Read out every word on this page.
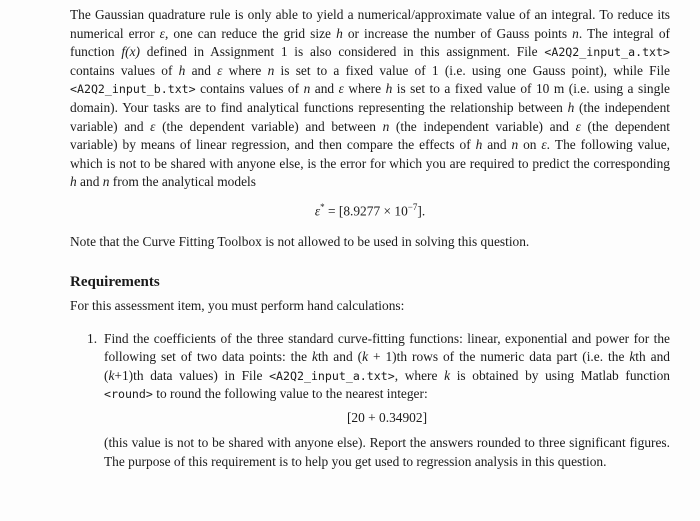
The Gaussian quadrature rule is only able to yield a numerical/approximate value of an integral. To reduce its numerical error ε, one can reduce the grid size h or increase the number of Gauss points n. The integral of function f(x) defined in Assignment 1 is also considered in this assignment. File <A2Q2_input_a.txt> contains values of h and ε where n is set to a fixed value of 1 (i.e. using one Gauss point), while File <A2Q2_input_b.txt> contains values of n and ε where h is set to a fixed value of 10 m (i.e. using a single domain). Your tasks are to find analytical functions representing the relationship between h (the independent variable) and ε (the dependent variable) and between n (the independent variable) and ε (the dependent variable) by means of linear regression, and then compare the effects of h and n on ε. The following value, which is not to be shared with anyone else, is the error for which you are required to predict the corresponding h and n from the analytical models

$\varepsilon^* = [8.9277 \times 10^{-7}]$.

Note that the Curve Fitting Toolbox is not allowed to be used in solving this question.

Requirements

For this assessment item, you must perform hand calculations:

1. Find the coefficients of the three standard curve-fitting functions: linear, exponential and power for the following set of two data points: the kth and (k + 1)th rows of the numeric data part (i.e. the kth and (k+1)th data values) in File <A2Q2_input_a.txt>, where k is obtained by using Matlab function <round> to round the following value to the nearest integer:

[20 + 0.34902]

(this value is not to be shared with anyone else). Report the answers rounded to three significant figures. The purpose of this requirement is to help you get used to regression analysis in this question.
